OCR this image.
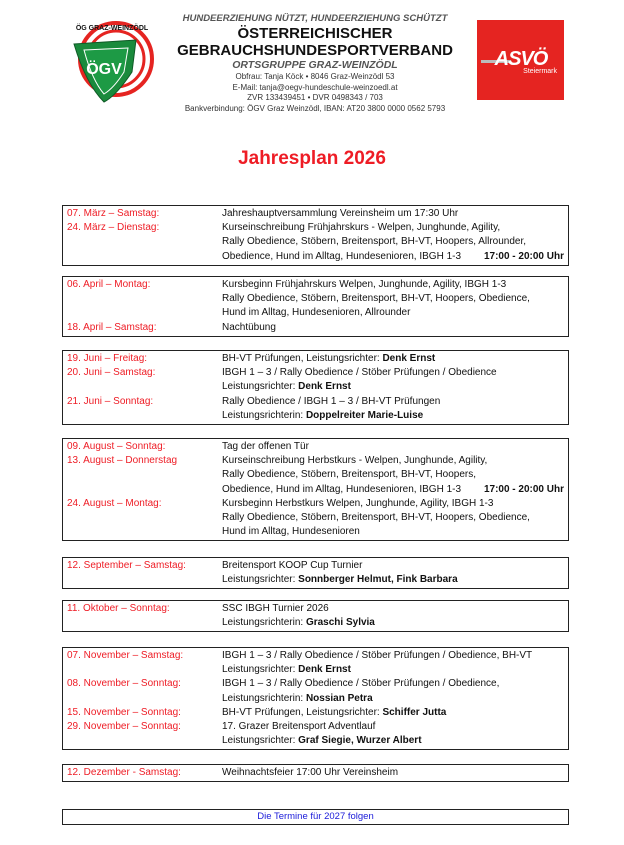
ÖGV
ÖG GRAZ-WEINZÖDL
HUNDEERZIEHUNG NÜTZT, HUNDEERZIEHUNG SCHÜTZT
ÖSTERREICHISCHER
GEBRAUCHSHUNDESPORTVERBAND
ORTSGRUPPE GRAZ-WEINZÖDL
Obfrau: Tanja Köck • 8046 Graz-Weinzödl 53
E-Mail: tanja@oegv-hundeschule-weinzoedl.at
ZVR 133439451 • DVR 0498343 / 703
Bankverbindung: ÖGV Graz Weinzödl, IBAN: AT20 3800 0000 0562 5793
ASVÖ
Steiermark
Jahresplan 2026
07. März – Samstag:	Jahreshauptversammlung Vereinsheim um 17:30 Uhr
24. März – Dienstag:	Kurseinschreibung Frühjahrskurs - Welpen, Junghunde, Agility,
Rally Obedience, Stöbern, Breitensport, BH-VT, Hoopers, Allrounder,
Obedience, Hund im Alltag, Hundesenioren, IBGH 1-3 17:00 - 20:00 Uhr
06. April – Montag:	Kursbeginn Frühjahrskurs Welpen, Junghunde, Agility, IBGH 1-3
Rally Obedience, Stöbern, Breitensport, BH-VT, Hoopers, Obedience,
Hund im Alltag, Hundesenioren, Allrounder
18. April – Samstag:	Nachtübung
19. Juni – Freitag:	BH-VT Prüfungen, Leistungsrichter: Denk Ernst
20. Juni – Samstag:	IBGH 1 – 3 / Rally Obedience / Stöber Prüfungen / Obedience
Leistungsrichter: Denk Ernst
21. Juni – Sonntag:	Rally Obedience / IBGH 1 – 3 / BH-VT Prüfungen
Leistungsrichterin: Doppelreiter Marie-Luise
09. August – Sonntag:	Tag der offenen Tür
13. August – Donnerstag	Kurseinschreibung Herbstkurs - Welpen, Junghunde, Agility,
Rally Obedience, Stöbern, Breitensport, BH-VT, Hoopers,
Obedience, Hund im Alltag, Hundesenioren, IBGH 1-3 17:00 - 20:00 Uhr
24. August – Montag:	Kursbeginn Herbstkurs Welpen, Junghunde, Agility, IBGH 1-3
Rally Obedience, Stöbern, Breitensport, BH-VT, Hoopers, Obedience,
Hund im Alltag, Hundesenioren
12. September – Samstag:	Breitensport KOOP Cup Turnier
Leistungsrichter: Sonnberger Helmut, Fink Barbara
11. Oktober – Sonntag:	SSC IBGH Turnier 2026
Leistungsrichterin: Graschi Sylvia
07. November – Samstag:	IBGH 1 – 3 / Rally Obedience / Stöber Prüfungen / Obedience, BH-VT
Leistungsrichter: Denk Ernst
08. November – Sonntag:	IBGH 1 – 3 / Rally Obedience / Stöber Prüfungen / Obedience,
Leistungsrichterin: Nossian Petra
15. November – Sonntag:	BH-VT Prüfungen, Leistungsrichter: Schiffer Jutta
29. November – Sonntag:	17. Grazer Breitensport Adventlauf
Leistungsrichter: Graf Siegie, Wurzer Albert
12. Dezember - Samstag:	Weihnachtsfeier 17:00 Uhr Vereinsheim
Die Termine für 2027 folgen
